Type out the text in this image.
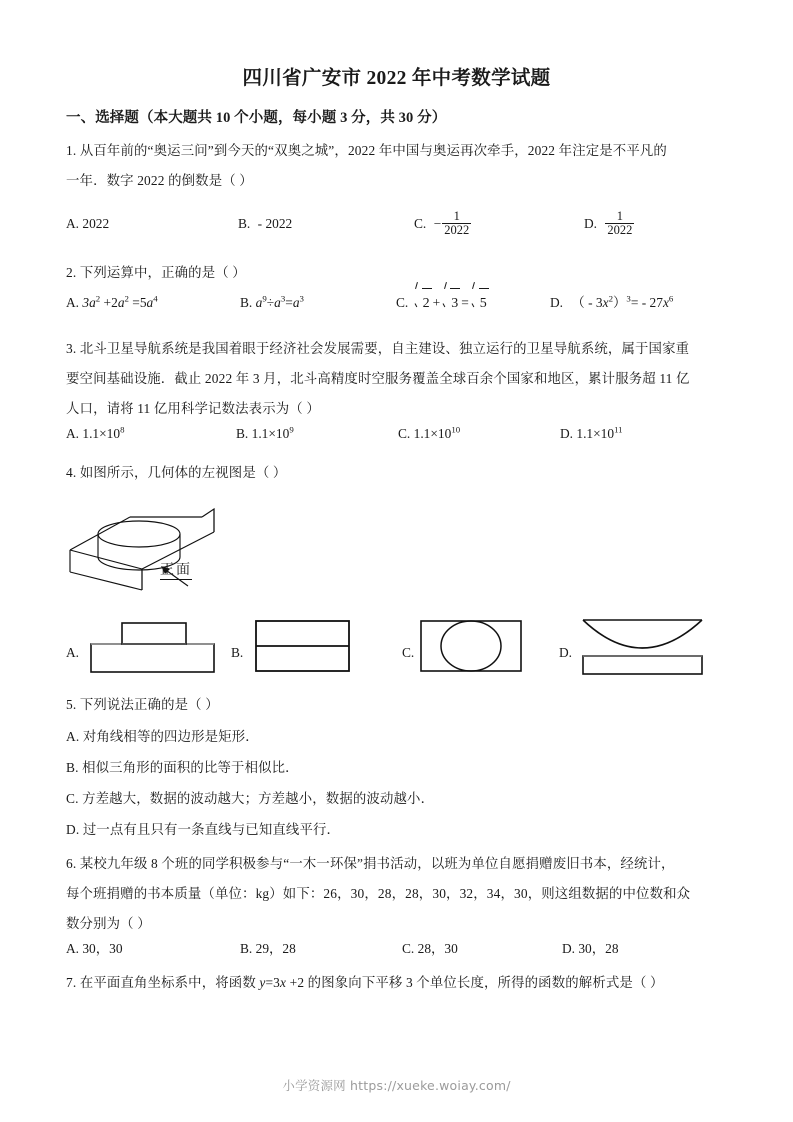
四川省广安市 2022 年中考数学试题
一、选择题（本大题共 10 个小题，每小题 3 分，共 30 分）
1. 从百年前的“奥运三问”到今天的“双奥之城”，2022 年中国与奥运再次牵手，2022 年注定是不平凡的
一年．数字 2022 的倒数是（ ）
A. 2022	B. - 2022	C. − $\frac{1}{2022}$	D. $\frac{1}{2022}$
2. 下列运算中，正确的是（ ）
A. $3a^2 +2a^2 =5a^4$	B. $a^9\div a^3=a^3$	C. 2 + 3 = 5	D. （ - $3x^2)^3= - 27x^6$
3. 北斗卫星导航系统是我国着眼于经济社会发展需要，自主建设、独立运行的卫星导航系统，属于国家重
要空间基础设施．截止 2022 年 3 月，北斗高精度时空服务覆盖全球百余个国家和地区，累计服务超 11 亿
人口，请将 11 亿用科学记数法表示为（ ）
A. $1.1\times 10^8$	B. $1.1\times 10^9$	C. $1.1\times 10^{10}$	D. $1.1\times 10^{11}$
4. 如图所示，几何体的左视图是（ ）
正面
A.	B.	C.	D.
5. 下列说法正确的是（ ）
A. 对角线相等的四边形是矩形．
B. 相似三角形的面积的比等于相似比．
C. 方差越大，数据的波动越大；方差越小，数据的波动越小．
D. 过一点有且只有一条直线与已知直线平行．
6. 某校九年级 8 个班的同学积极参与“一木一环保”捐书活动，以班为单位自愿捐赠废旧书本，经统计，
每个班捐赠的书本质量（单位：kg）如下：26，30，28，28，30，32，34，30，则这组数据的中位数和众
数分别为（ ）
A. 30，30	B. 29，28	C. 28，30	D. 30，28
7. 在平面直角坐标系中，将函数 y=3x +2 的图象向下平移 3 个单位长度，所得的函数的解析式是（ ）
小学资源网 https://xueke.woiay.com/
